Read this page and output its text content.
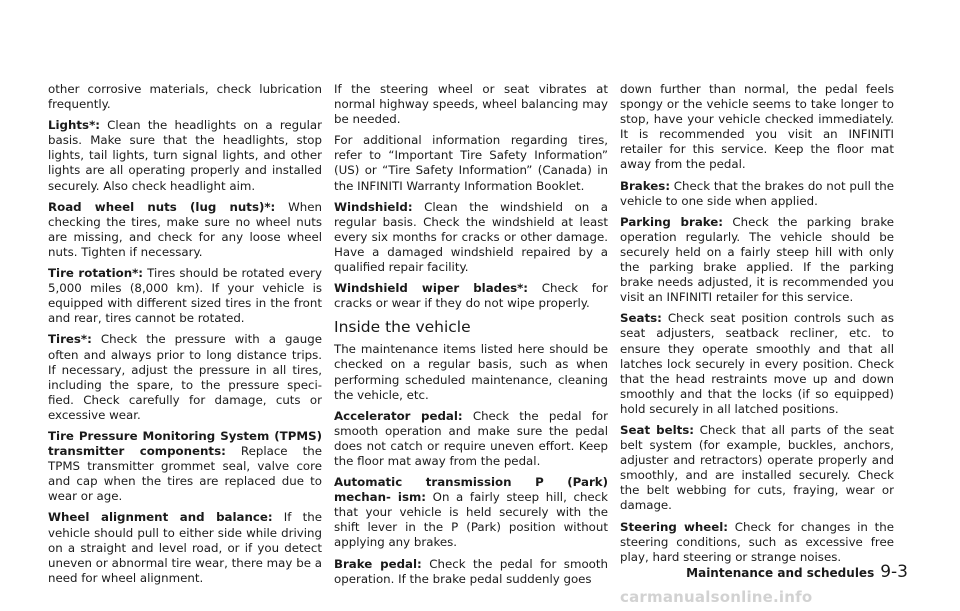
other corrosive materials, check lubrication frequently.

Lights*: Clean the headlights on a regular basis. Make sure that the headlights, stop lights, tail lights, turn signal lights, and other lights are all operating properly and installed securely. Also check headlight aim.

Road wheel nuts (lug nuts)*: When checking the tires, make sure no wheel nuts are missing, and check for any loose wheel nuts. Tighten if necessary.

Tire rotation*: Tires should be rotated every 5,000 miles (8,000 km). If your vehicle is equipped with different sized tires in the front and rear, tires cannot be rotated.

Tires*: Check the pressure with a gauge often and always prior to long distance trips. If necessary, adjust the pressure in all tires, including the spare, to the pressure speci- fied. Check carefully for damage, cuts or excessive wear.

Tire Pressure Monitoring System (TPMS) transmitter components: Replace the TPMS transmitter grommet seal, valve core and cap when the tires are replaced due to wear or age.

Wheel alignment and balance: If the vehicle should pull to either side while driving on a straight and level road, or if you detect uneven or abnormal tire wear, there may be a need for wheel alignment.

If the steering wheel or seat vibrates at normal highway speeds, wheel balancing may be needed.

For additional information regarding tires, refer to “Important Tire Safety Information” (US) or “Tire Safety Information” (Canada) in the INFINITI Warranty Information Booklet.

Windshield: Clean the windshield on a regular basis. Check the windshield at least every six months for cracks or other damage. Have a damaged windshield repaired by a qualified repair facility.

Windshield wiper blades*: Check for cracks or wear if they do not wipe properly.

Inside the vehicle

The maintenance items listed here should be checked on a regular basis, such as when performing scheduled maintenance, cleaning the vehicle, etc.

Accelerator pedal: Check the pedal for smooth operation and make sure the pedal does not catch or require uneven effort. Keep the floor mat away from the pedal.

Automatic transmission P (Park) mechan- ism: On a fairly steep hill, check that your vehicle is held securely with the shift lever in the P (Park) position without applying any brakes.

Brake pedal: Check the pedal for smooth operation. If the brake pedal suddenly goes

down further than normal, the pedal feels spongy or the vehicle seems to take longer to stop, have your vehicle checked immediately. It is recommended you visit an INFINITI retailer for this service. Keep the floor mat away from the pedal.

Brakes: Check that the brakes do not pull the vehicle to one side when applied.

Parking brake: Check the parking brake operation regularly. The vehicle should be securely held on a fairly steep hill with only the parking brake applied. If the parking brake needs adjusted, it is recommended you visit an INFINITI retailer for this service.

Seats: Check seat position controls such as seat adjusters, seatback recliner, etc. to ensure they operate smoothly and that all latches lock securely in every position. Check that the head restraints move up and down smoothly and that the locks (if so equipped) hold securely in all latched positions.

Seat belts: Check that all parts of the seat belt system (for example, buckles, anchors, adjuster and retractors) operate properly and smoothly, and are installed securely. Check the belt webbing for cuts, fraying, wear or damage.

Steering wheel: Check for changes in the steering conditions, such as excessive free play, hard steering or strange noises.

Maintenance and schedules 9-3
carmanualsonline.info
